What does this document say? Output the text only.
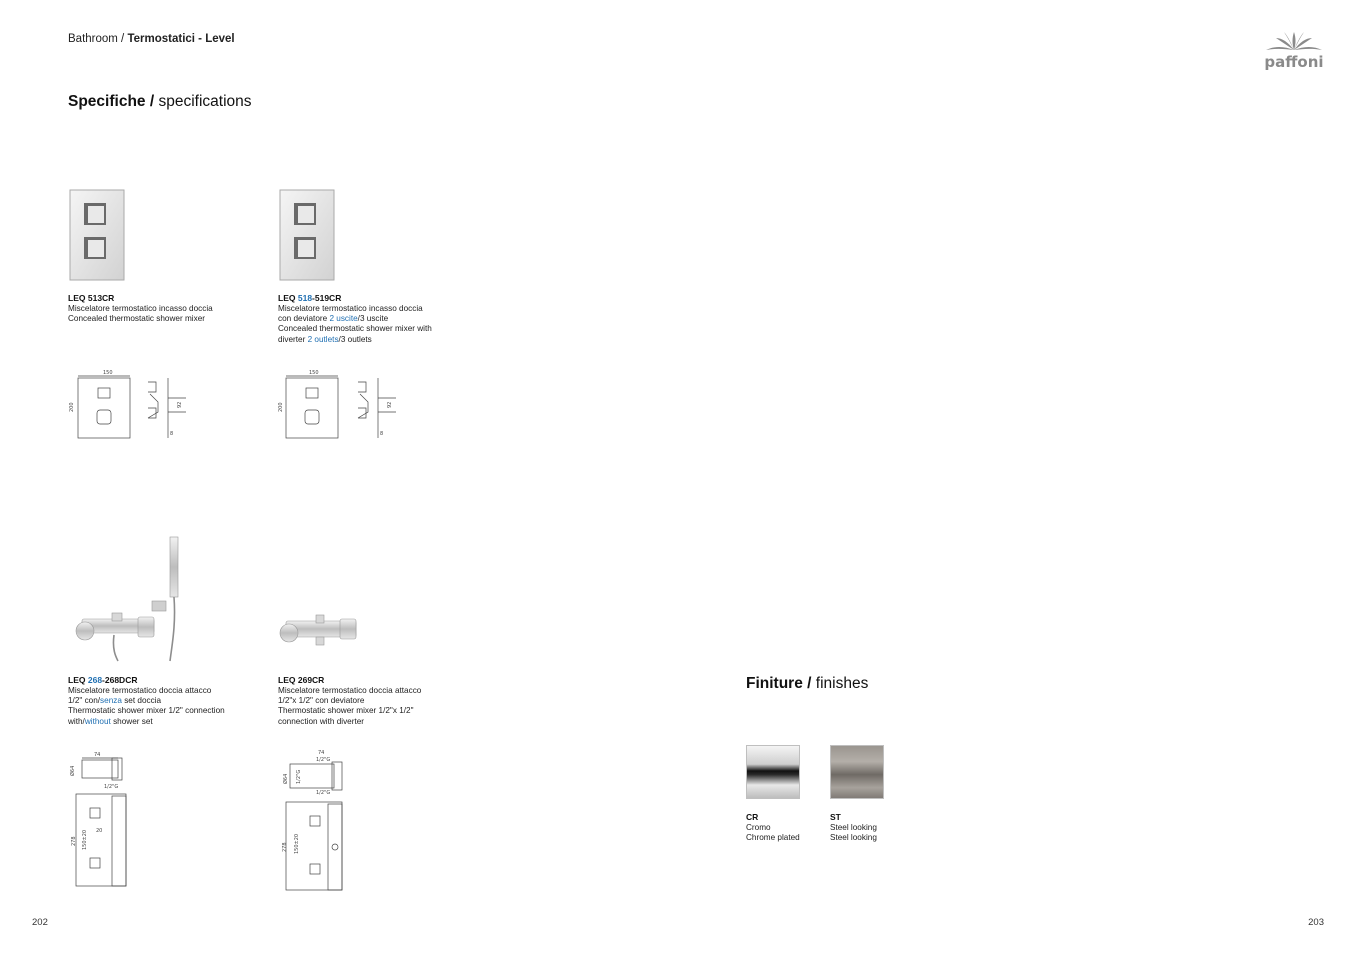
Bathroom / Termostatici - Level
paffoni
Specifiche / specifications
LEQ 513CR
Miscelatore termostatico incasso doccia
Concealed thermostatic shower mixer
LEQ 518-519CR
Miscelatore termostatico incasso doccia
con deviatore 2 uscite/3 uscite
Concealed thermostatic shower mixer with
diverter 2 outlets/3 outlets
150
200	92
8
150
200	92
8
LEQ 268-268DCR
Miscelatore termostatico doccia attacco
1/2" con/senza set doccia
Thermostatic shower mixer 1/2" connection
with/without shower set
LEQ 269CR
Miscelatore termostatico doccia attacco
1/2"x 1/2" con deviatore
Thermostatic shower mixer 1/2"x 1/2"
connection with diverter
74
Ø64
1/2"G
20
278 150±20
74
1/2"G
Ø64 1/2"G
1/2"G
278 150±20
Finiture / finishes
CR
Cromo
Chrome plated
ST
Steel looking
Steel looking
202	203
